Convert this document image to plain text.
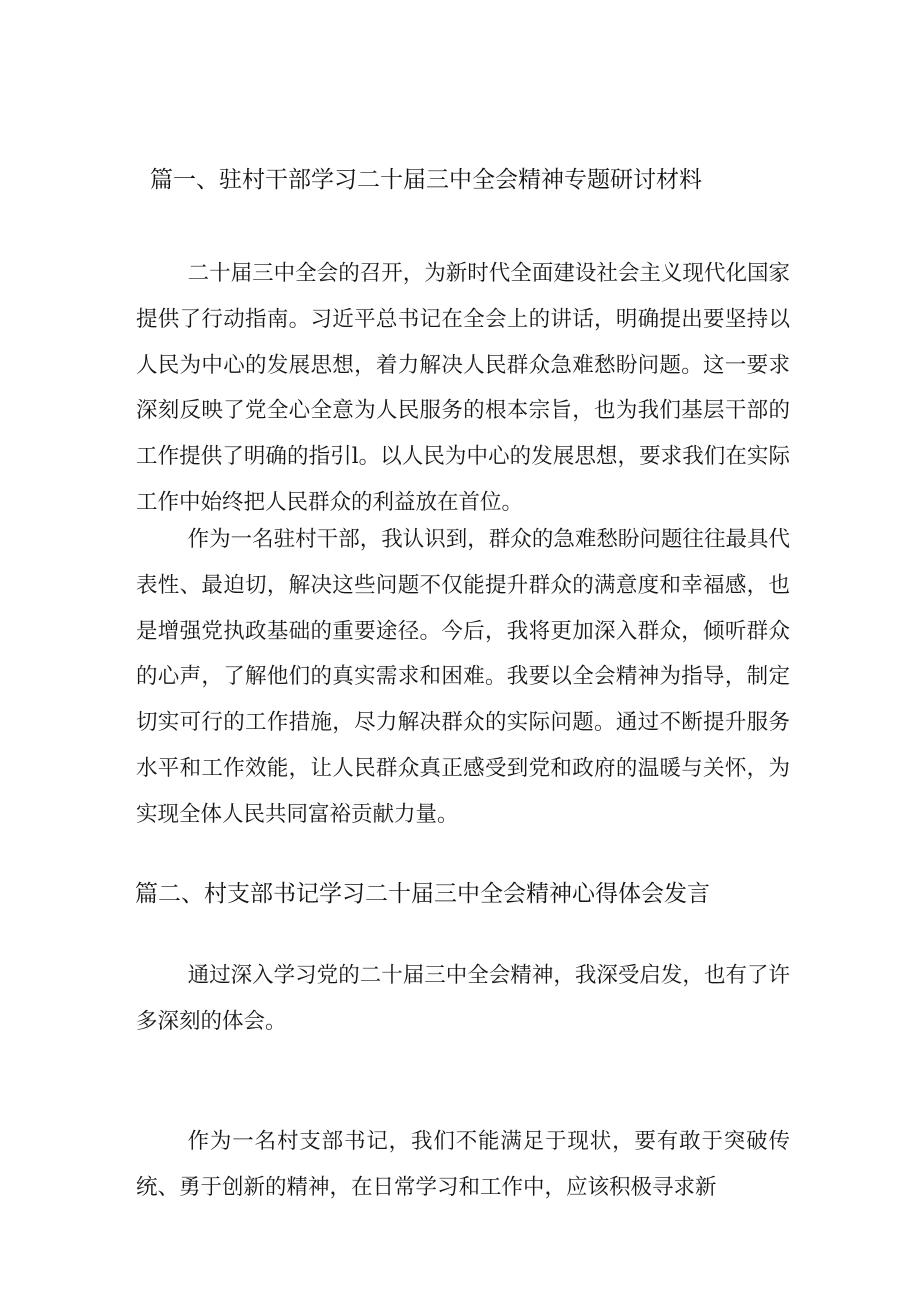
篇一、驻村干部学习二十届三中全会精神专题研讨材料

二十届三中全会的召开，为新时代全面建设社会主义现代化国家提供了行动指南。习近平总书记在全会上的讲话，明确提出要坚持以人民为中心的发展思想，着力解决人民群众急难愁盼问题。这一要求深刻反映了党全心全意为人民服务的根本宗旨，也为我们基层干部的工作提供了明确的指引l。以人民为中心的发展思想，要求我们在实际工作中始终把人民群众的利益放在首位。

作为一名驻村干部，我认识到，群众的急难愁盼问题往往最具代表性、最迫切，解决这些问题不仅能提升群众的满意度和幸福感，也是增强党执政基础的重要途径。今后，我将更加深入群众，倾听群众的心声，了解他们的真实需求和困难。我要以全会精神为指导，制定切实可行的工作措施，尽力解决群众的实际问题。通过不断提升服务水平和工作效能，让人民群众真正感受到党和政府的温暖与关怀，为实现全体人民共同富裕贡献力量。

篇二、村支部书记学习二十届三中全会精神心得体会发言

通过深入学习党的二十届三中全会精神，我深受启发，也有了许多深刻的体会。

作为一名村支部书记，我们不能满足于现状，要有敢于突破传统、勇于创新的精神，在日常学习和工作中，应该积极寻求新
